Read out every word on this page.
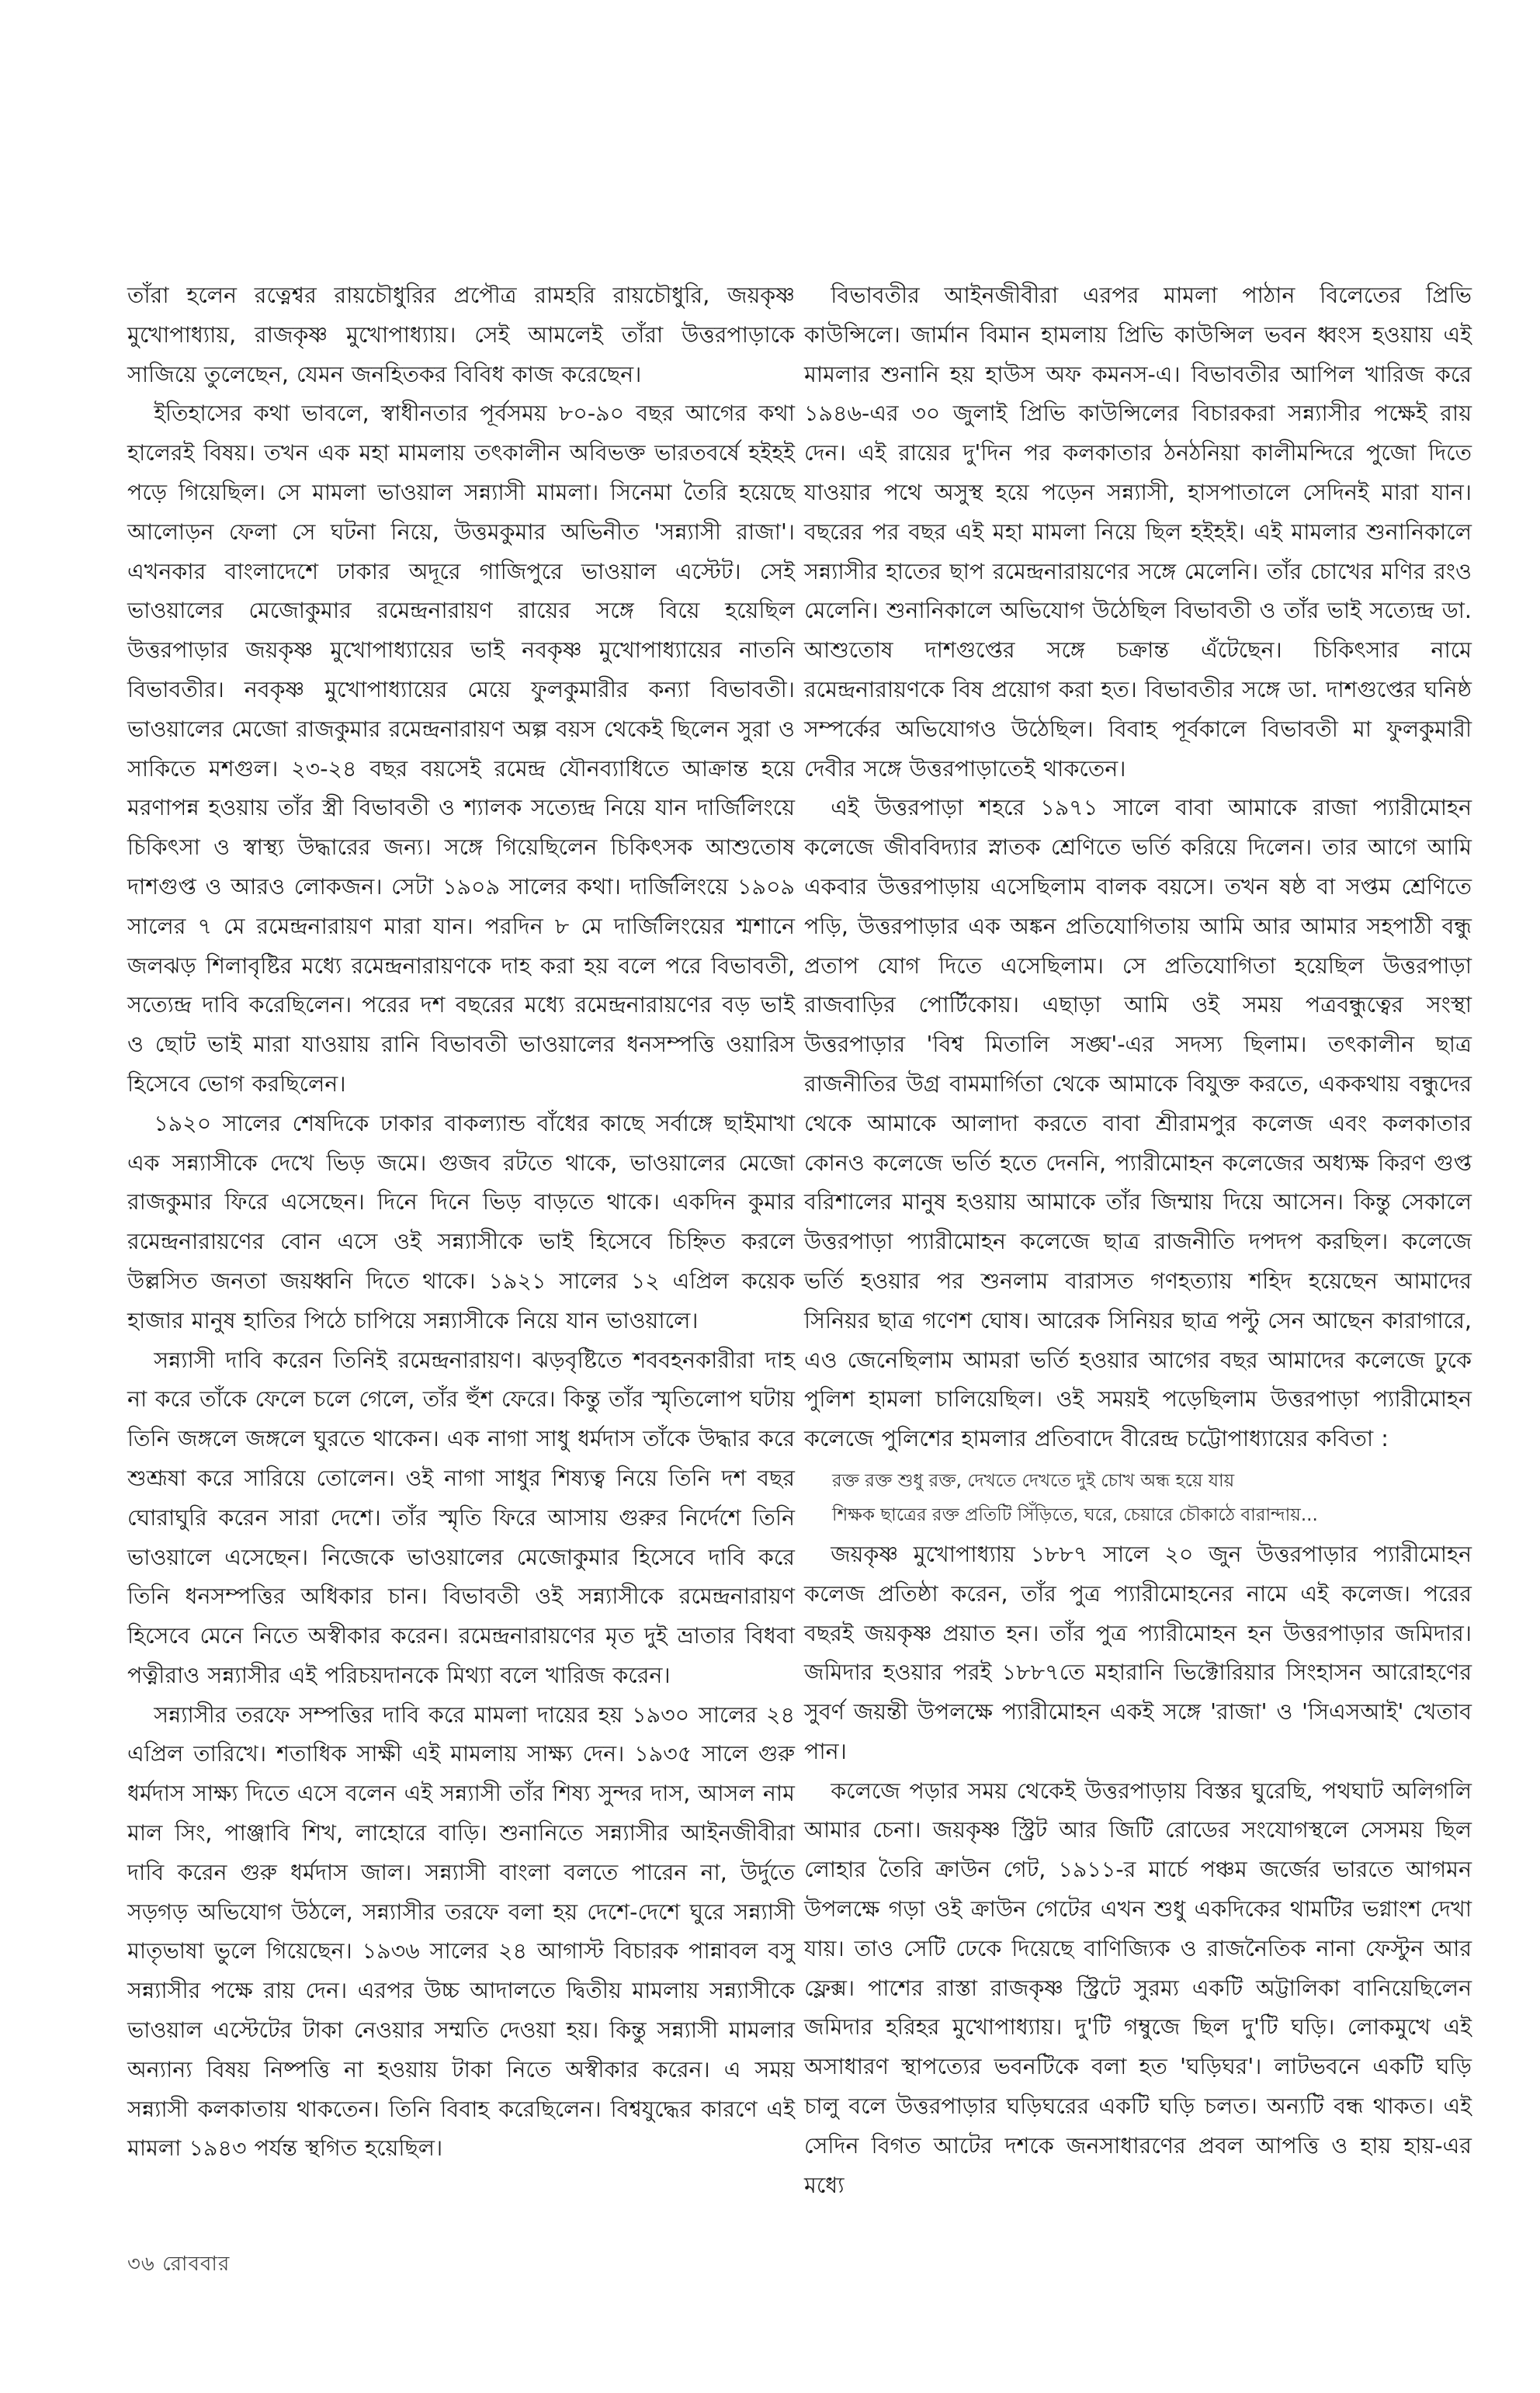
তাঁরা হলেন রত্নেশ্বর রায়চৌধুরির প্রপৌত্র রামহরি রায়চৌধুরি, জয়কৃষ্ণ মুখোপাধ্যায়, রাজকৃষ্ণ মুখোপাধ্যায়। সেই আমলেই তাঁরা উত্তরপাড়াকে সাজিয়ে তুলেছেন, যেমন জনহিতকর বিবিধ কাজ করেছেন।

ইতিহাসের কথা ভাবলে, স্বাধীনতার পূর্বসময় ৮০-৯০ বছর আগের কথা হালেরই বিষয়। তখন এক মহা মামলায় তৎকালীন অবিভক্ত ভারতবর্ষে হইহই পড়ে গিয়েছিল। সে মামলা ভাওয়াল সন্ন্যাসী মামলা। সিনেমা তৈরি হয়েছে আলোড়ন ফেলা সে ঘটনা নিয়ে, উত্তমকুমার অভিনীত 'সন্ন্যাসী রাজা'। এখনকার বাংলাদেশে ঢাকার অদূরে গাজিপুরে ভাওয়াল এস্টেট। সেই ভাওয়ালের মেজোকুমার রমেন্দ্রনারায়ণ রায়ের সঙ্গে বিয়ে হয়েছিল উত্তরপাড়ার জয়কৃষ্ণ মুখোপাধ্যায়ের ভাই নবকৃষ্ণ মুখোপাধ্যায়ের নাতনি বিভাবতীর। নবকৃষ্ণ মুখোপাধ্যায়ের মেয়ে ফুলকুমারীর কন্যা বিভাবতী। ভাওয়ালের মেজো রাজকুমার রমেন্দ্রনারায়ণ অল্প বয়স থেকেই ছিলেন সুরা ও সাকিতে মশগুল। ২৩-২৪ বছর বয়সেই রমেন্দ্র যৌনব্যাধিতে আক্রান্ত হয়ে মরণাপন্ন হওয়ায় তাঁর স্ত্রী বিভাবতী ও শ্যালক সত্যেন্দ্র নিয়ে যান দার্জিলিংয়ে চিকিৎসা ও স্বাস্থ্য উদ্ধারের জন্য। সঙ্গে গিয়েছিলেন চিকিৎসক আশুতোষ দাশগুপ্ত ও আরও লোকজন। সেটা ১৯০৯ সালের কথা। দার্জিলিংয়ে ১৯০৯ সালের ৭ মে রমেন্দ্রনারায়ণ মারা যান। পরদিন ৮ মে দার্জিলিংয়ের শ্মশানে জলঝড় শিলাবৃষ্টির মধ্যে রমেন্দ্রনারায়ণকে দাহ করা হয় বলে পরে বিভাবতী, সত্যেন্দ্র দাবি করেছিলেন। পরের দশ বছরের মধ্যে রমেন্দ্রনারায়ণের বড় ভাই ও ছোট ভাই মারা যাওয়ায় রানি বিভাবতী ভাওয়ালের ধনসম্পত্তি ওয়ারিস হিসেবে ভোগ করছিলেন।

১৯২০ সালের শেষদিকে ঢাকার বাকল্যান্ড বাঁধের কাছে সর্বাঙ্গে ছাইমাখা এক সন্ন্যাসীকে দেখে ভিড় জমে। গুজব রটতে থাকে, ভাওয়ালের মেজো রাজকুমার ফিরে এসেছেন। দিনে দিনে ভিড় বাড়তে থাকে। একদিন কুমার রমেন্দ্রনারায়ণের বোন এসে ওই সন্ন্যাসীকে ভাই হিসেবে চিহ্নিত করলে উল্লসিত জনতা জয়ধ্বনি দিতে থাকে। ১৯২১ সালের ১২ এপ্রিল কয়েক হাজার মানুষ হাতির পিঠে চাপিয়ে সন্ন্যাসীকে নিয়ে যান ভাওয়ালে।

সন্ন্যাসী দাবি করেন তিনিই রমেন্দ্রনারায়ণ। ঝড়বৃষ্টিতে শববহনকারীরা দাহ না করে তাঁকে ফেলে চলে গেলে, তাঁর হুঁশ ফেরে। কিন্তু তাঁর স্মৃতিলোপ ঘটায় তিনি জঙ্গলে জঙ্গলে ঘুরতে থাকেন। এক নাগা সাধু ধর্মদাস তাঁকে উদ্ধার করে শুশ্রূষা করে সারিয়ে তোলেন। ওই নাগা সাধুর শিষ্যত্ব নিয়ে তিনি দশ বছর ঘোরাঘুরি করেন সারা দেশে। তাঁর স্মৃতি ফিরে আসায় গুরুর নির্দেশে তিনি ভাওয়ালে এসেছেন। নিজেকে ভাওয়ালের মেজোকুমার হিসেবে দাবি করে তিনি ধনসম্পত্তির অধিকার চান। বিভাবতী ওই সন্ন্যাসীকে রমেন্দ্রনারায়ণ হিসেবে মেনে নিতে অস্বীকার করেন। রমেন্দ্রনারায়ণের মৃত দুই ভ্রাতার বিধবা পত্নীরাও সন্ন্যাসীর এই পরিচয়দানকে মিথ্যা বলে খারিজ করেন।

সন্ন্যাসীর তরফে সম্পত্তির দাবি করে মামলা দায়ের হয় ১৯৩০ সালের ২৪ এপ্রিল তারিখে। শতাধিক সাক্ষী এই মামলায় সাক্ষ্য দেন। ১৯৩৫ সালে গুরু ধর্মদাস সাক্ষ্য দিতে এসে বলেন এই সন্ন্যাসী তাঁর শিষ্য সুন্দর দাস, আসল নাম মাল সিং, পাঞ্জাবি শিখ, লাহোরে বাড়ি। শুনানিতে সন্ন্যাসীর আইনজীবীরা দাবি করেন গুরু ধর্মদাস জাল। সন্ন্যাসী বাংলা বলতে পারেন না, উর্দুতে সড়গড় অভিযোগ উঠলে, সন্ন্যাসীর তরফে বলা হয় দেশে-দেশে ঘুরে সন্ন্যাসী মাতৃভাষা ভুলে গিয়েছেন। ১৯৩৬ সালের ২৪ আগাস্ট বিচারক পান্নাবল বসু সন্ন্যাসীর পক্ষে রায় দেন। এরপর উচ্চ আদালতে দ্বিতীয় মামলায় সন্ন্যাসীকে ভাওয়াল এস্টেটের টাকা নেওয়ার সম্মতি দেওয়া হয়। কিন্তু সন্ন্যাসী মামলার অন্যান্য বিষয় নিষ্পত্তি না হওয়ায় টাকা নিতে অস্বীকার করেন। এ সময় সন্ন্যাসী কলকাতায় থাকতেন। তিনি বিবাহ করেছিলেন। বিশ্বযুদ্ধের কারণে এই মামলা ১৯৪৩ পর্যন্ত স্থগিত হয়েছিল।

বিভাবতীর আইনজীবীরা এরপর মামলা পাঠান বিলেতের প্রিভি কাউন্সিলে। জার্মান বিমান হামলায় প্রিভি কাউন্সিল ভবন ধ্বংস হওয়ায় এই মামলার শুনানি হয় হাউস অফ কমনস-এ। বিভাবতীর আপিল খারিজ করে ১৯৪৬-এর ৩০ জুলাই প্রিভি কাউন্সিলের বিচারকরা সন্ন্যাসীর পক্ষেই রায় দেন। এই রায়ের দু'দিন পর কলকাতার ঠনঠনিয়া কালীমন্দিরে পুজো দিতে যাওয়ার পথে অসুস্থ হয়ে পড়েন সন্ন্যাসী, হাসপাতালে সেদিনই মারা যান। বছরের পর বছর এই মহা মামলা নিয়ে ছিল হইহই। এই মামলার শুনানিকালে সন্ন্যাসীর হাতের ছাপ রমেন্দ্রনারায়ণের সঙ্গে মেলেনি। তাঁর চোখের মণির রংও মেলেনি। শুনানিকালে অভিযোগ উঠেছিল বিভাবতী ও তাঁর ভাই সত্যেন্দ্র ডা. আশুতোষ দাশগুপ্তের সঙ্গে চক্রান্ত এঁটেছেন। চিকিৎসার নামে রমেন্দ্রনারায়ণকে বিষ প্রয়োগ করা হত। বিভাবতীর সঙ্গে ডা. দাশগুপ্তের ঘনিষ্ঠ সম্পর্কের অভিযোগও উঠেছিল। বিবাহ পূর্বকালে বিভাবতী মা ফুলকুমারী দেবীর সঙ্গে উত্তরপাড়াতেই থাকতেন।

এই উত্তরপাড়া শহরে ১৯৭১ সালে বাবা আমাকে রাজা প্যারীমোহন কলেজে জীববিদ্যার স্নাতক শ্রেণিতে ভর্তি করিয়ে দিলেন। তার আগে আমি একবার উত্তরপাড়ায় এসেছিলাম বালক বয়সে। তখন ষষ্ঠ বা সপ্তম শ্রেণিতে পড়ি, উত্তরপাড়ার এক অঙ্কন প্রতিযোগিতায় আমি আর আমার সহপাঠী বন্ধু প্রতাপ যোগ দিতে এসেছিলাম। সে প্রতিযোগিতা হয়েছিল উত্তরপাড়া রাজবাড়ির পোর্টিকোয়। এছাড়া আমি ওই সময় পত্রবন্ধুত্বের সংস্থা উত্তরপাড়ার 'বিশ্ব মিতালি সঙ্ঘ'-এর সদস্য ছিলাম। তৎকালীন ছাত্র রাজনীতির উগ্র বামমার্গিতা থেকে আমাকে বিযুক্ত করতে, এককথায় বন্ধুদের থেকে আমাকে আলাদা করতে বাবা শ্রীরামপুর কলেজ এবং কলকাতার কোনও কলেজে ভর্তি হতে দেননি, প্যারীমোহন কলেজের অধ্যক্ষ কিরণ গুপ্ত বরিশালের মানুষ হওয়ায় আমাকে তাঁর জিম্মায় দিয়ে আসেন। কিন্তু সেকালে উত্তরপাড়া প্যারীমোহন কলেজে ছাত্র রাজনীতি দপদপ করছিল। কলেজে ভর্তি হওয়ার পর শুনলাম বারাসত গণহত্যায় শহিদ হয়েছেন আমাদের সিনিয়র ছাত্র গণেশ ঘোষ। আরেক সিনিয়র ছাত্র পল্টু সেন আছেন কারাগারে, এও জেনেছিলাম আমরা ভর্তি হওয়ার আগের বছর আমাদের কলেজে ঢুকে পুলিশ হামলা চালিয়েছিল। ওই সময়ই পড়েছিলাম উত্তরপাড়া প্যারীমোহন কলেজে পুলিশের হামলার প্রতিবাদে বীরেন্দ্র চট্টোপাধ্যায়ের কবিতা :

রক্ত রক্ত শুধু রক্ত, দেখতে দেখতে দুই চোখ অন্ধ হয়ে যায়
শিক্ষক ছাত্রের রক্ত প্রতিটি সিঁড়িতে, ঘরে, চেয়ারে চৌকাঠে বারান্দায়...

জয়কৃষ্ণ মুখোপাধ্যায় ১৮৮৭ সালে ২০ জুন উত্তরপাড়ার প্যারীমোহন কলেজ প্রতিষ্ঠা করেন, তাঁর পুত্র প্যারীমোহনের নামে এই কলেজ। পরের বছরই জয়কৃষ্ণ প্রয়াত হন। তাঁর পুত্র প্যারীমোহন হন উত্তরপাড়ার জমিদার। জমিদার হওয়ার পরই ১৮৮৭তে মহারানি ভিক্টোরিয়ার সিংহাসন আরোহণের সুবর্ণ জয়ন্তী উপলক্ষে প্যারীমোহন একই সঙ্গে 'রাজা' ও 'সিএসআই' খেতাব পান।

কলেজে পড়ার সময় থেকেই উত্তরপাড়ায় বিস্তর ঘুরেছি, পথঘাট অলিগলি আমার চেনা। জয়কৃষ্ণ স্ট্রিট আর জিটি রোডের সংযোগস্থলে সেসময় ছিল লোহার তৈরি ক্রাউন গেট, ১৯১১-র মার্চে পঞ্চম জর্জের ভারতে আগমন উপলক্ষে গড়া ওই ক্রাউন গেটের এখন শুধু একদিকের থামটির ভগ্নাংশ দেখা যায়। তাও সেটি ঢেকে দিয়েছে বাণিজ্যিক ও রাজনৈতিক নানা ফেস্টুন আর ফ্লেক্স। পাশের রাস্তা রাজকৃষ্ণ স্ট্রিটে সুরম্য একটি অট্টালিকা বানিয়েছিলেন জমিদার হরিহর মুখোপাধ্যায়। দু'টি গম্বুজে ছিল দু'টি ঘড়ি। লোকমুখে এই অসাধারণ স্থাপত্যের ভবনটিকে বলা হত 'ঘড়িঘর'। লাটভবনে একটি ঘড়ি চালু বলে উত্তরপাড়ার ঘড়িঘরের একটি ঘড়ি চলত। অন্যটি বন্ধ থাকত। এই সেদিন বিগত আটের দশকে জনসাধারণের প্রবল আপত্তি ও হায় হায়-এর মধ্যে

৩৬ রোববার
